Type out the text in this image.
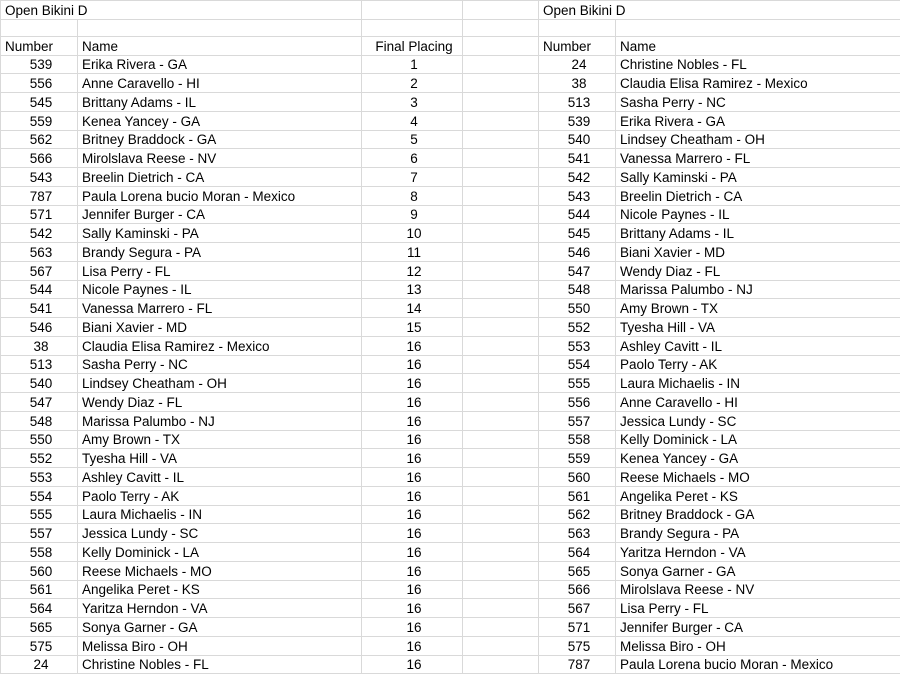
Open Bikini D				Open Bikini D	

Number	Name	Final Placing		Number	Name
539	Erika Rivera - GA	1		24	Christine Nobles - FL
556	Anne Caravello - HI	2		38	Claudia Elisa Ramirez - Mexico
545	Brittany Adams - IL	3		513	Sasha Perry - NC
559	Kenea Yancey - GA	4		539	Erika Rivera - GA
562	Britney Braddock - GA	5		540	Lindsey Cheatham - OH
566	Mirolslava Reese - NV	6		541	Vanessa Marrero - FL
543	Breelin Dietrich - CA	7		542	Sally Kaminski - PA
787	Paula Lorena bucio Moran - Mexico	8		543	Breelin Dietrich - CA
571	Jennifer Burger - CA	9		544	Nicole Paynes - IL
542	Sally Kaminski - PA	10		545	Brittany Adams - IL
563	Brandy Segura - PA	11		546	Biani Xavier - MD
567	Lisa Perry - FL	12		547	Wendy Diaz - FL
544	Nicole Paynes - IL	13		548	Marissa Palumbo - NJ
541	Vanessa Marrero - FL	14		550	Amy Brown - TX
546	Biani Xavier - MD	15		552	Tyesha Hill - VA
38	Claudia Elisa Ramirez - Mexico	16		553	Ashley Cavitt - IL
513	Sasha Perry - NC	16		554	Paolo Terry - AK
540	Lindsey Cheatham - OH	16		555	Laura Michaelis - IN
547	Wendy Diaz - FL	16		556	Anne Caravello - HI
548	Marissa Palumbo - NJ	16		557	Jessica Lundy - SC
550	Amy Brown - TX	16		558	Kelly Dominick - LA
552	Tyesha Hill - VA	16		559	Kenea Yancey - GA
553	Ashley Cavitt - IL	16		560	Reese Michaels - MO
554	Paolo Terry - AK	16		561	Angelika Peret - KS
555	Laura Michaelis - IN	16		562	Britney Braddock - GA
557	Jessica Lundy - SC	16		563	Brandy Segura - PA
558	Kelly Dominick - LA	16		564	Yaritza Herndon - VA
560	Reese Michaels - MO	16		565	Sonya Garner - GA
561	Angelika Peret - KS	16		566	Mirolslava Reese - NV
564	Yaritza Herndon - VA	16		567	Lisa Perry - FL
565	Sonya Garner - GA	16		571	Jennifer Burger - CA
575	Melissa Biro - OH	16		575	Melissa Biro - OH
24	Christine Nobles - FL	16		787	Paula Lorena bucio Moran - Mexico
